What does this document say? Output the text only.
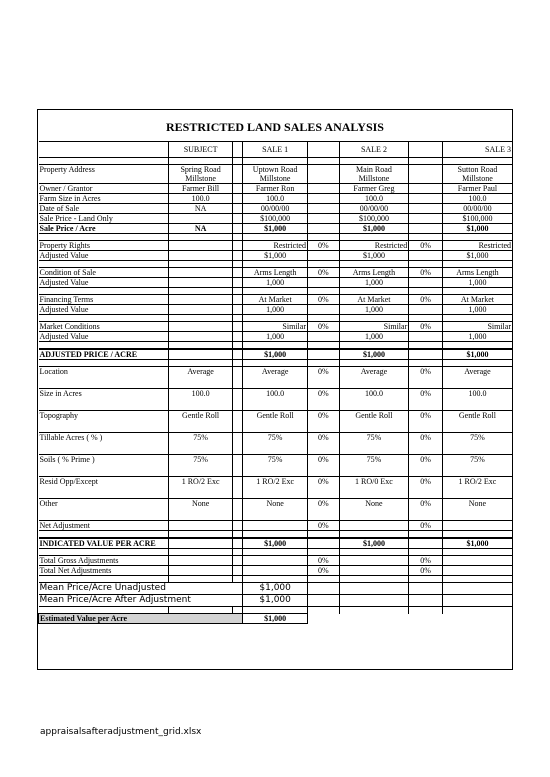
RESTRICTED LAND SALES ANALYSIS
	SUBJECT		SALE 1		SALE 2		SALE 3

Property Address	Spring Road		Uptown Road		Main Road		Sutton Road
	Millstone		Millstone		Millstone		Millstone
Owner / Grantor	Farmer Bill		Farmer Ron		Farmer Greg		Farmer Paul
Farm Size in Acres	100.0		100.0		100.0		100.0
Date of Sale	NA		00/00/00		00/00/00		00/00/00
Sale Price - Land Only			$100,000		$100,000		$100,000
Sale Price / Acre	NA		$1,000		$1,000		$1,000

Property Rights			Restricted	0%	Restricted	0%	Restricted
Adjusted Value			$1,000		$1,000		$1,000

Condition of Sale			Arms Length	0%	Arms Length	0%	Arms Length
Adjusted Value			1,000		1,000		1,000

Financing Terms			At Market	0%	At Market	0%	At Market
Adjusted Value			1,000		1,000		1,000

Market Conditions			Similar	0%	Similar	0%	Similar
Adjusted Value			1,000		1,000		1,000

ADJUSTED PRICE / ACRE			$1,000		$1,000		$1,000

Location	Average		Average	0%	Average	0%	Average

Size in Acres	100.0		100.0	0%	100.0	0%	100.0

Topography	Gentle Roll		Gentle Roll	0%	Gentle Roll	0%	Gentle Roll

Tillable Acres ( % )	75%		75%	0%	75%	0%	75%

Soils ( % Prime )	75%		75%	0%	75%	0%	75%

Resid Opp/Except	1 RO/2 Exc		1 RO/2 Exc	0%	1 RO/0 Exc	0%	1 RO/2 Exc

Other	None		None	0%	None	0%	None

Net Adjustment				0%		0%	

INDICATED VALUE PER ACRE			$1,000		$1,000		$1,000

Total Gross Adjustments				0%		0%	
Total Net Adjustments				0%		0%	

Mean Price/Acre Unadjusted			$1,000				
Mean Price/Acre After Adjustment			$1,000				

Estimated Value per Acre			$1,000				
appraisalsafteradjustment_grid.xlsx
